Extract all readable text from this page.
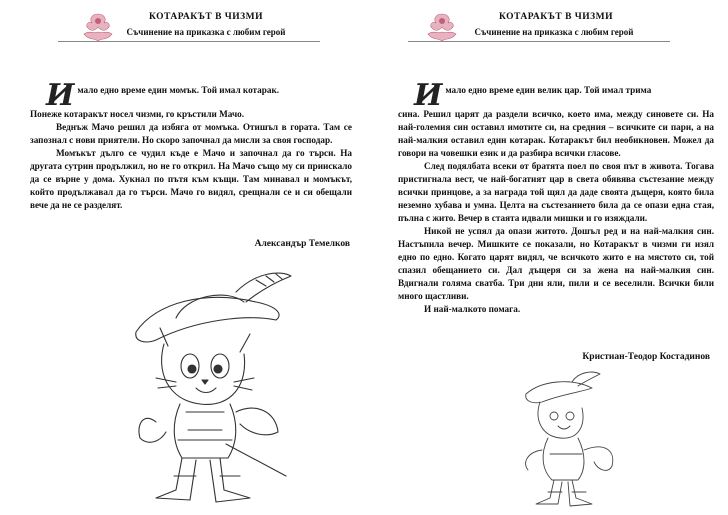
КОТАРАКЪТ В ЧИЗМИ
Съчинение на приказка с любим герой

Имало едно време един момък. Той имал котарак.

Понеже котаракът носел чизми, го кръстили Мачо.

Веднъж Мачо решил да избяга от момъка. Отишъл в гората. Там се запознал с нови приятели. Но скоро започнал да мисли за своя господар.

Момъкът дълго се чудил къде е Мачо и започнал да го търси. На другата сутрин продължил, но не го открил. На Мачо също му си приискало да се върне у дома. Хукнал по пътя към къщи. Там минавал и момъкът, който продължавал да го търси. Мачо го видял, срещнали се и си обещали вече да не се разделят.

Александър Темелков
КОТАРАКЪТ В ЧИЗМИ
Съчинение на приказка с любим герой

Имало едно време един велик цар. Той имал трима

сина. Решил царят да раздели всичко, което има, между синовете си. На най-големия син оставил имотите си, на средния – всичките си пари, а на най-малкия оставил един котарак. Котаракът бил необикновен. Можел да говори на човешки език и да разбира всички гласове.

След подялбата всеки от братята поел по своя път в живота. Тогава пристигнала вест, че най-богатият цар в света обявява състезание между всички принцове, а за награда той щял да даде своята дъщеря, която била неземно хубава и умна. Целта на състезанието била да се опази една стая, пълна с жито. Вечер в стаята идвали мишки и го изяждали.

Никой не успял да опази житото. Дошъл ред и на най-малкия син. Настъпила вечер. Мишките се показали, но Котаракът в чизми ги изял едно по едно. Когато царят видял, че всичкото жито е на мястото си, той спазил обещанието си. Дал дъщеря си за жена на най-малкия син. Вдигнали голяма сватба. Три дни яли, пили и се веселили. Всички били много щастливи.

И най-малкото помага.

Кристиан-Теодор Костадинов
